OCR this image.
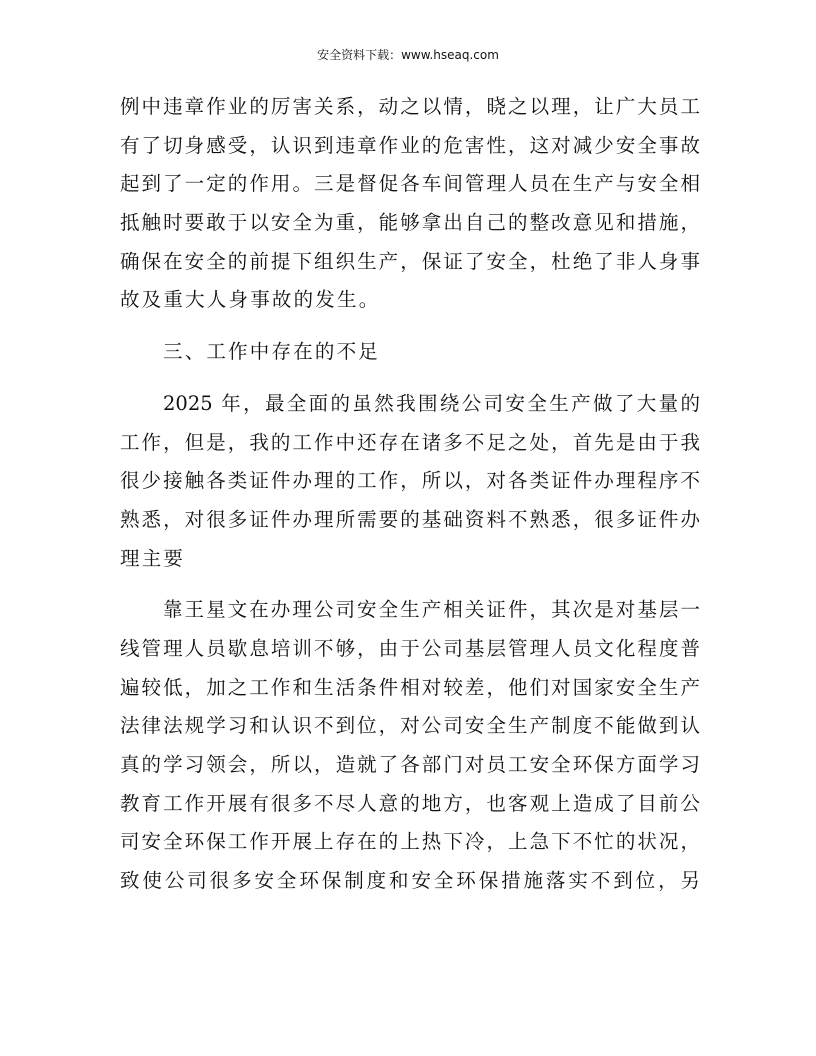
安全资料下载：www.hseaq.com
例中违章作业的厉害关系，动之以情，晓之以理，让广大员工
有了切身感受，认识到违章作业的危害性，这对减少安全事故
起到了一定的作用。三是督促各车间管理人员在生产与安全相
抵触时要敢于以安全为重，能够拿出自己的整改意见和措施，
确保在安全的前提下组织生产，保证了安全，杜绝了非人身事
故及重大人身事故的发生。
三、工作中存在的不足
2025 年，最全面的虽然我围绕公司安全生产做了大量的
工作，但是，我的工作中还存在诸多不足之处，首先是由于我
很少接触各类证件办理的工作，所以，对各类证件办理程序不
熟悉，对很多证件办理所需要的基础资料不熟悉，很多证件办
理主要
靠王星文在办理公司安全生产相关证件，其次是对基层一
线管理人员歇息培训不够，由于公司基层管理人员文化程度普
遍较低，加之工作和生活条件相对较差，他们对国家安全生产
法律法规学习和认识不到位，对公司安全生产制度不能做到认
真的学习领会，所以，造就了各部门对员工安全环保方面学习
教育工作开展有很多不尽人意的地方，也客观上造成了目前公
司安全环保工作开展上存在的上热下冷，上急下不忙的状况，
致使公司很多安全环保制度和安全环保措施落实不到位，另
